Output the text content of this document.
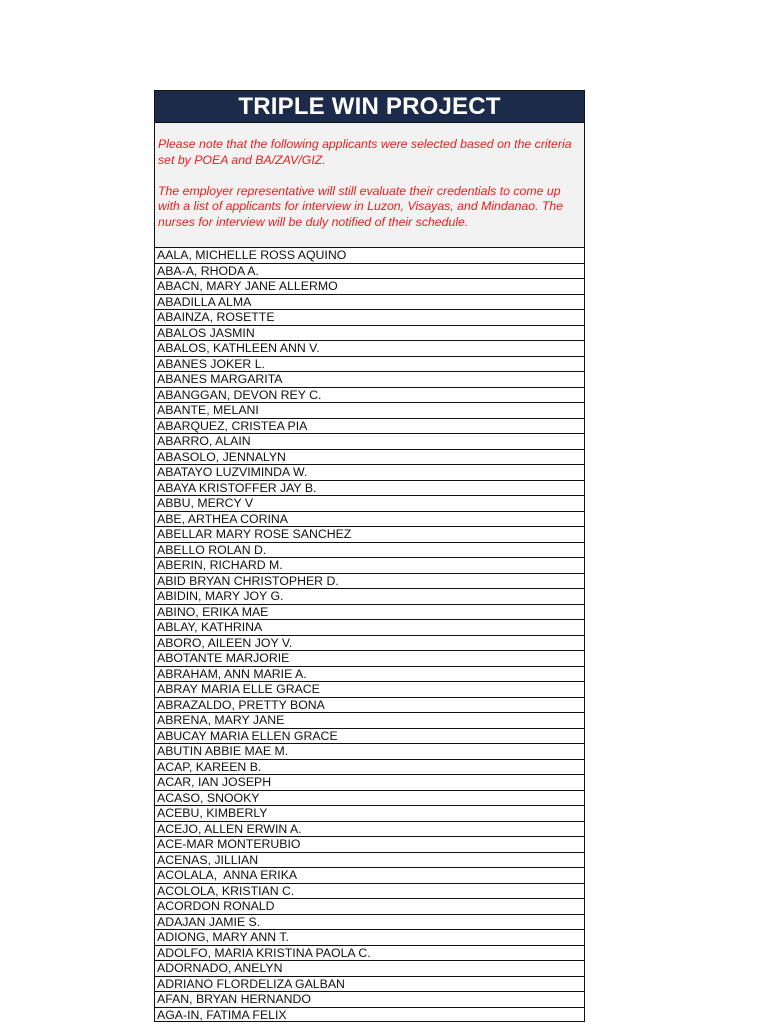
TRIPLE WIN PROJECT

Please note that the following applicants were selected based on the criteria set by POEA and BA/ZAV/GIZ.

The employer representative will still evaluate their credentials to come up with a list of applicants for interview in Luzon, Visayas, and Mindanao. The nurses for interview will be duly notified of their schedule.

AALA, MICHELLE ROSS AQUINO
ABA-A, RHODA A.
ABACN, MARY JANE ALLERMO
ABADILLA ALMA
ABAINZA, ROSETTE
ABALOS JASMIN
ABALOS, KATHLEEN ANN V.
ABANES JOKER L.
ABANES MARGARITA
ABANGGAN, DEVON REY C.
ABANTE, MELANI
ABARQUEZ, CRISTEA PIA
ABARRO, ALAIN
ABASOLO, JENNALYN
ABATAYO LUZVIMINDA W.
ABAYA KRISTOFFER JAY B.
ABBU, MERCY V
ABE, ARTHEA CORINA
ABELLAR MARY ROSE SANCHEZ
ABELLO ROLAN D.
ABERIN, RICHARD M.
ABID BRYAN CHRISTOPHER D.
ABIDIN, MARY JOY G.
ABINO, ERIKA MAE
ABLAY, KATHRINA
ABORO, AILEEN JOY V.
ABOTANTE MARJORIE
ABRAHAM, ANN MARIE A.
ABRAY MARIA ELLE GRACE
ABRAZALDO, PRETTY BONA
ABRENA, MARY JANE
ABUCAY MARIA ELLEN GRACE
ABUTIN ABBIE MAE M.
ACAP, KAREEN B.
ACAR, IAN JOSEPH
ACASO, SNOOKY
ACEBU, KIMBERLY
ACEJO, ALLEN ERWIN A.
ACE-MAR MONTERUBIO
ACENAS, JILLIAN
ACOLALA,  ANNA ERIKA
ACOLOLA, KRISTIAN C.
ACORDON RONALD
ADAJAN JAMIE S.
ADIONG, MARY ANN T.
ADOLFO, MARIA KRISTINA PAOLA C.
ADORNADO, ANELYN
ADRIANO FLORDELIZA GALBAN
AFAN, BRYAN HERNANDO
AGA-IN, FATIMA FELIX
